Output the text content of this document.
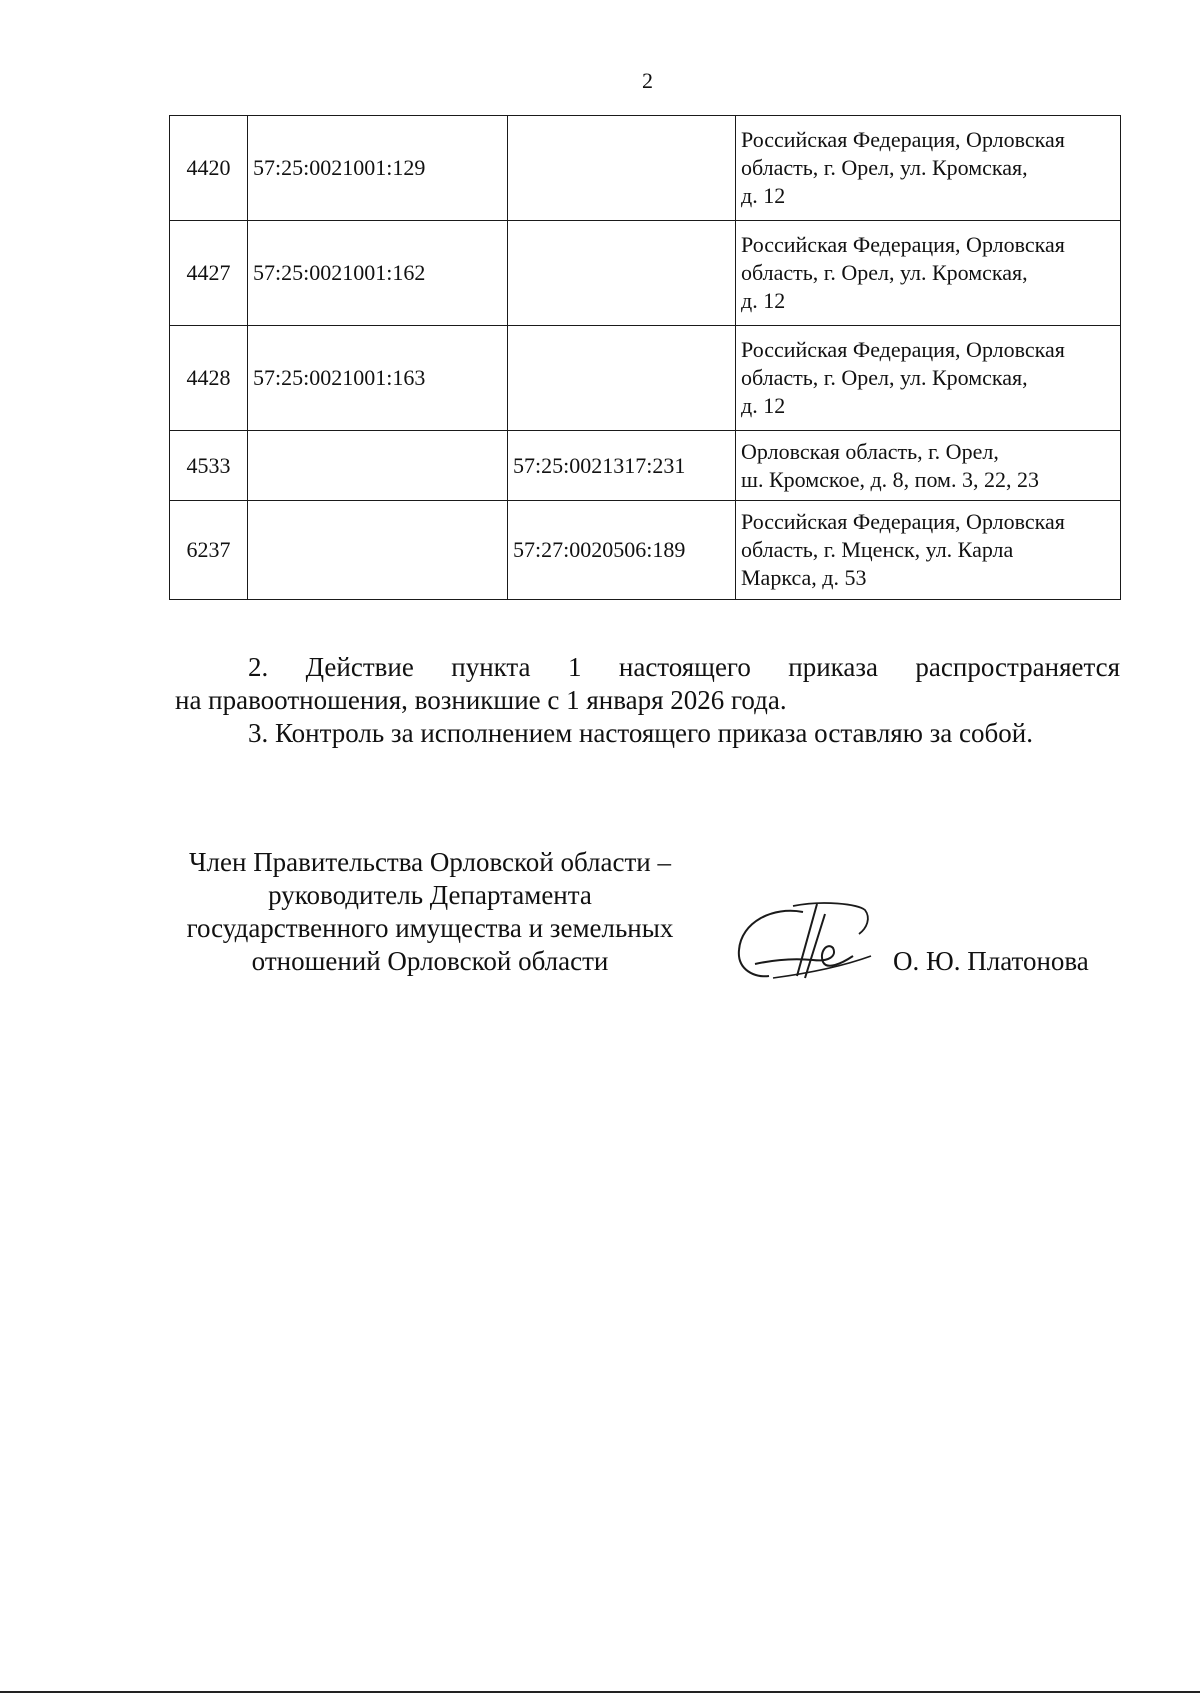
2
4420	57:25:0021001:129		Российская Федерация, Орловская
область, г. Орел, ул. Кромская,
д. 12

4427	57:25:0021001:162		Российская Федерация, Орловская
область, г. Орел, ул. Кромская,
д. 12

4428	57:25:0021001:163		Российская Федерация, Орловская
область, г. Орел, ул. Кромская,
д. 12

4533		57:25:0021317:231	Орловская область, г. Орел,
ш. Кромское, д. 8, пом. 3, 22, 23

6237		57:27:0020506:189	Российская Федерация, Орловская
область, г. Мценск, ул. Карла
Маркса, д. 53
2. Действие пункта 1 настоящего приказа распространяется
на правоотношения, возникшие с 1 января 2026 года.
3. Контроль за исполнением настоящего приказа оставляю за собой.
Член Правительства Орловской области –
руководитель Департамента
государственного имущества и земельных
отношений Орловской области	О. Ю. Платонова
